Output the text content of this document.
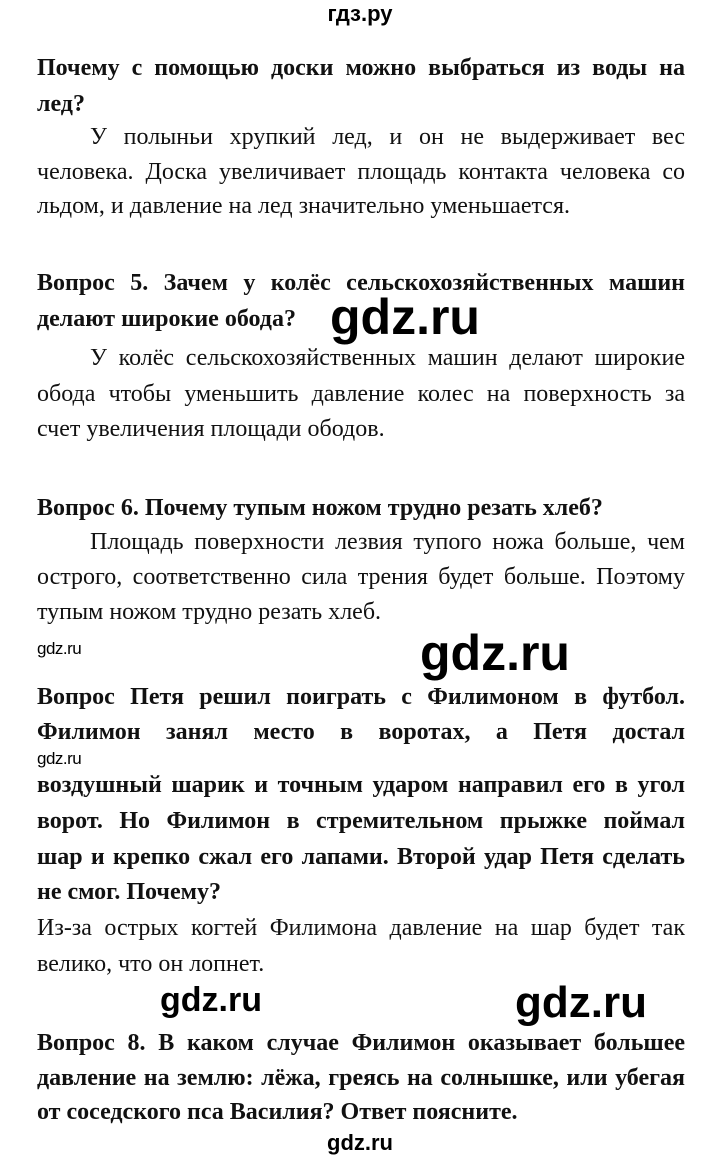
гдз.ру
Почему с помощью доски можно выбраться из воды на
лед?
У полыньи хрупкий лед, и он не выдерживает вес
человека. Доска увеличивает площадь контакта человека со
льдом, и давление на лед значительно уменьшается.
Вопрос 5. Зачем у колёс сельскохозяйственных машин
делают широкие обода? gdz.ru
У колёс сельскохозяйственных машин делают широкие
обода чтобы уменьшить давление колес на поверхность за
счет увеличения площади ободов.
Вопрос 6. Почему тупым ножом трудно резать хлеб?
Площадь поверхности лезвия тупого ножа больше, чем
острого, соответственно сила трения будет больше. Поэтому
тупым ножом трудно резать хлеб.
gdz.ru	gdz.ru
Вопрос Петя решил поиграть с Филимоном в футбол.
Филимон занял место в воротах, а Петя достал
gdz.ru
воздушный шарик и точным ударом направил его в угол
ворот. Но Филимон в стремительном прыжке поймал
шар и крепко сжал его лапами. Второй удар Петя сделать
не смог. Почему?
Из-за острых когтей Филимона давление на шар будет так
велико, что он лопнет.
gdz.ru	gdz.ru
Вопрос 8. В каком случае Филимон оказывает большее
давление на землю: лёжа, греясь на солнышке, или убегая
от соседского пса Василия? Ответ поясните.
gdz.ru
